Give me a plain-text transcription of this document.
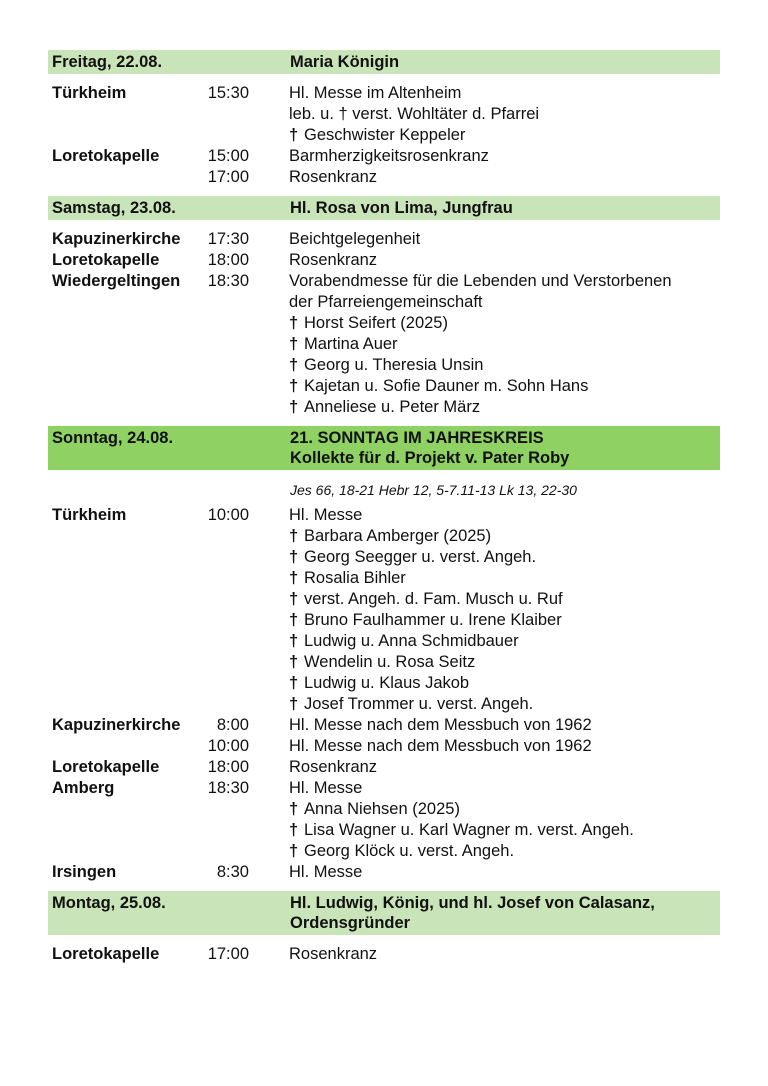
Freitag, 22.08.	Maria Königin
Türkheim	15:30 Hl. Messe im Altenheim
leb. u. † verst. Wohltäter d. Pfarrei
† Geschwister Keppeler
Loretokapelle	15:00 Barmherzigkeitsrosenkranz
17:00 Rosenkranz
Samstag, 23.08.	Hl. Rosa von Lima, Jungfrau
Kapuzinerkirche	17:30 Beichtgelegenheit
Loretokapelle	18:00 Rosenkranz
Wiedergeltingen	18:30 Vorabendmesse für die Lebenden und Verstorbenen
der Pfarreiengemeinschaft
† Horst Seifert (2025)
† Martina Auer
† Georg u. Theresia Unsin
† Kajetan u. Sofie Dauner m. Sohn Hans
† Anneliese u. Peter März
Sonntag, 24.08.	21. SONNTAG IM JAHRESKREIS
Kollekte für d. Projekt v. Pater Roby
Jes 66, 18-21 Hebr 12, 5-7.11-13 Lk 13, 22-30
Türkheim	10:00 Hl. Messe
† Barbara Amberger (2025)
† Georg Seegger u. verst. Angeh.
† Rosalia Bihler
† verst. Angeh. d. Fam. Musch u. Ruf
† Bruno Faulhammer u. Irene Klaiber
† Ludwig u. Anna Schmidbauer
† Wendelin u. Rosa Seitz
† Ludwig u. Klaus Jakob
† Josef Trommer u. verst. Angeh.
Kapuzinerkirche	8:00 Hl. Messe nach dem Messbuch von 1962
10:00 Hl. Messe nach dem Messbuch von 1962
Loretokapelle	18:00 Rosenkranz
Amberg	18:30 Hl. Messe
† Anna Niehsen (2025)
† Lisa Wagner u. Karl Wagner m. verst. Angeh.
† Georg Klöck u. verst. Angeh.
Irsingen	8:30 Hl. Messe
Montag, 25.08.	Hl. Ludwig, König, und hl. Josef von Calasanz,
Ordensgründer
Loretokapelle	17:00 Rosenkranz
